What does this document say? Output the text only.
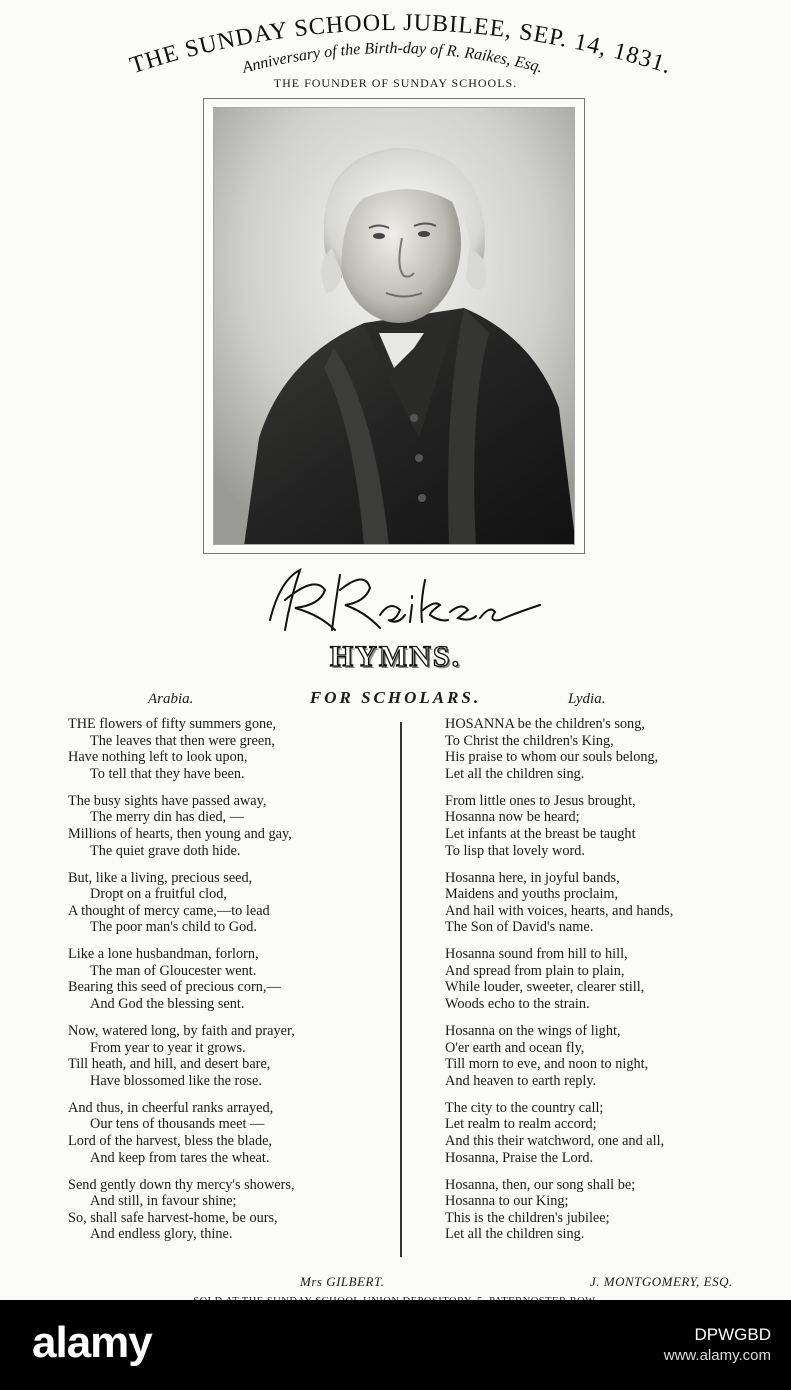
THE SUNDAY SCHOOL JUBILEE, SEP. 14, 1831.
Anniversary of the Birth-day of R. Raikes, Esq.
THE FOUNDER OF SUNDAY SCHOOLS.
HYMNS.
FOR SCHOLARS.
Arabia.	Lydia.
THE flowers of fifty summers gone,
The leaves that then were green,
Have nothing left to look upon,
To tell that they have been.
The busy sights have passed away,
The merry din has died, —
Millions of hearts, then young and gay,
The quiet grave doth hide.
But, like a living, precious seed,
Dropt on a fruitful clod,
A thought of mercy came,—to lead
The poor man's child to God.
Like a lone husbandman, forlorn,
The man of Gloucester went.
Bearing this seed of precious corn,—
And God the blessing sent.
Now, watered long, by faith and prayer,
From year to year it grows.
Till heath, and hill, and desert bare,
Have blossomed like the rose.
And thus, in cheerful ranks arrayed,
Our tens of thousands meet —
Lord of the harvest, bless the blade,
And keep from tares the wheat.
Send gently down thy mercy's showers,
And still, in favour shine;
So, shall safe harvest-home, be ours,
And endless glory, thine.
HOSANNA be the children's song,
To Christ the children's King,
His praise to whom our souls belong,
Let all the children sing.
From little ones to Jesus brought,
Hosanna now be heard;
Let infants at the breast be taught
To lisp that lovely word.
Hosanna here, in joyful bands,
Maidens and youths proclaim,
And hail with voices, hearts, and hands,
The Son of David's name.
Hosanna sound from hill to hill,
And spread from plain to plain,
While louder, sweeter, clearer still,
Woods echo to the strain.
Hosanna on the wings of light,
O'er earth and ocean fly,
Till morn to eve, and noon to night,
And heaven to earth reply.
The city to the country call;
Let realm to realm accord;
And this their watchword, one and all,
Hosanna, Praise the Lord.
Hosanna, then, our song shall be;
Hosanna to our King;
This is the children's jubilee;
Let all the children sing.
Mrs GILBERT.	J. MONTGOMERY, ESQ.
alamy	DPWGBD
www.alamy.com
